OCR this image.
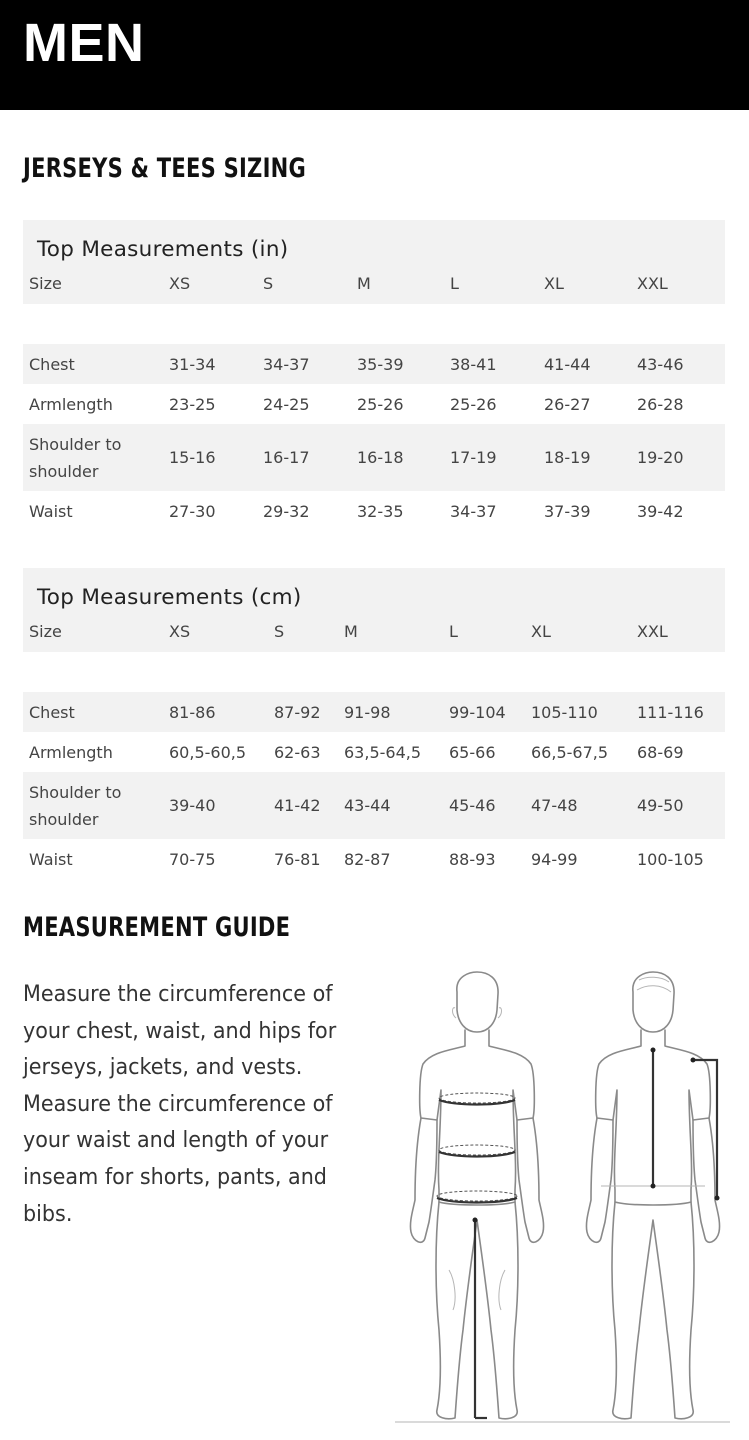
MEN
JERSEYS & TEES SIZING
Top Measurements (in)						
Size	XS	S	M	L	XL	XXL

Chest	31-34	34-37	35-39	38-41	41-44	43-46
Armlength	23-25	24-25	25-26	25-26	26-27	26-28
Shoulder to
shoulder	15-16	16-17	16-18	17-19	18-19	19-20
Waist	27-30	29-32	32-35	34-37	37-39	39-42
Top Measurements (cm)						
Size	XS	S	M	L	XL	XXL

Chest	81-86	87-92	91-98	99-104	105-110	111-116
Armlength	60,5-60,5	62-63	63,5-64,5	65-66	66,5-67,5	68-69
Shoulder to
shoulder	39-40	41-42	43-44	45-46	47-48	49-50
Waist	70-75	76-81	82-87	88-93	94-99	100-105
MEASUREMENT GUIDE

Measure the circumference of
your chest, waist, and hips for
jerseys, jackets, and vests.
Measure the circumference of
your waist and length of your
inseam for shorts, pants, and
bibs.
